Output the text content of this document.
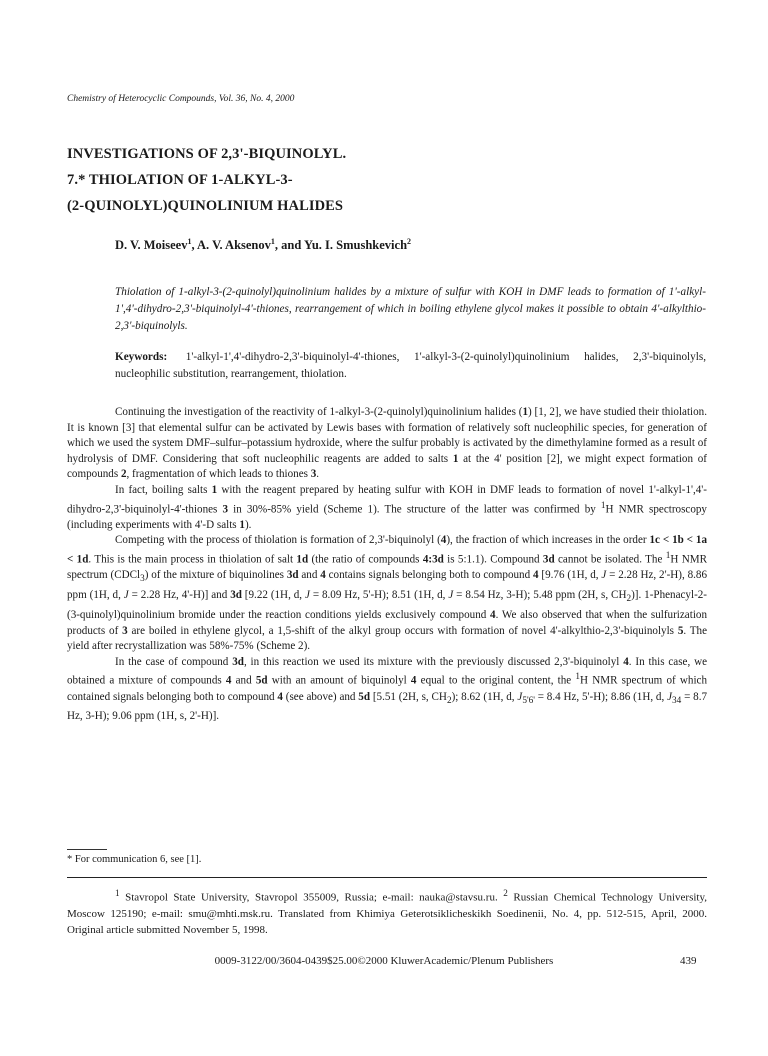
Chemistry of Heterocyclic Compounds, Vol. 36, No. 4, 2000
INVESTIGATIONS OF 2,3'-BIQUINOLYL.
7.* THIOLATION OF 1-ALKYL-3-
(2-QUINOLYL)QUINOLINIUM HALIDES
D. V. Moiseev$^1$, A. V. Aksenov$^1$, and Yu. I. Smushkevich$^2$
Thiolation of 1-alkyl-3-(2-quinolyl)quinolinium halides by a mixture of sulfur with KOH in DMF leads to formation of 1'-alkyl-1',4'-dihydro-2,3'-biquinolyl-4'-thiones, rearrangement of which in boiling ethylene glycol makes it possible to obtain 4'-alkylthio-2,3'-biquinolyls.
Keywords: 1'-alkyl-1',4'-dihydro-2,3'-biquinolyl-4'-thiones, 1'-alkyl-3-(2-quinolyl)quinolinium halides, 2,3'-biquinolyls, nucleophilic substitution, rearrangement, thiolation.

Continuing the investigation of the reactivity of 1-alkyl-3-(2-quinolyl)quinolinium halides (1) [1, 2], we have studied their thiolation. It is known [3] that elemental sulfur can be activated by Lewis bases with formation of relatively soft nucleophilic species, for generation of which we used the system DMF–sulfur–potassium hydroxide, where the sulfur probably is activated by the dimethylamine formed as a result of hydrolysis of DMF. Considering that soft nucleophilic reagents are added to salts 1 at the 4' position [2], we might expect formation of compounds 2, fragmentation of which leads to thiones 3.

In fact, boiling salts 1 with the reagent prepared by heating sulfur with KOH in DMF leads to formation of novel 1'-alkyl-1',4'-dihydro-2,3'-biquinolyl-4'-thiones 3 in 30%-85% yield (Scheme 1). The structure of the latter was confirmed by $^1$H NMR spectroscopy (including experiments with 4'-D salts 1).

Competing with the process of thiolation is formation of 2,3'-biquinolyl (4), the fraction of which increases in the order 1c < 1b < 1a < 1d. This is the main process in thiolation of salt 1d (the ratio of compounds 4:3d is 5:1.1). Compound 3d cannot be isolated. The $^1$H NMR spectrum (CDCl$_3$) of the mixture of biquinolines 3d and 4 contains signals belonging both to compound 4 [9.76 (1H, d, J = 2.28 Hz, 2'-H), 8.86 ppm (1H, d, J = 2.28 Hz, 4'-H)] and 3d [9.22 (1H, d, J = 8.09 Hz, 5'-H); 8.51 (1H, d, J = 8.54 Hz, 3-H); 5.48 ppm (2H, s, $CH_2$)]. 1-Phenacyl-2-(3-quinolyl)quinolinium bromide under the reaction conditions yields exclusively compound 4. We also observed that when the sulfurization products of 3 are boiled in ethylene glycol, a 1,5-shift of the alkyl group occurs with formation of novel 4'-alkylthio-2,3'-biquinolyls 5. The yield after recrystallization was 58%-75% (Scheme 2).

In the case of compound 3d, in this reaction we used its mixture with the previously discussed 2,3'-biquinolyl 4. In this case, we obtained a mixture of compounds 4 and 5d with an amount of biquinolyl 4 equal to the original content, the $^1$H NMR spectrum of which contained signals belonging both to compound 4 (see above) and 5d [5.51 (2H, s, $CH_2$); 8.62 (1H, d, $J_{5'6'} = 8.4$ Hz, 5'-H); 8.86 (1H, d, $J_{34} = 8.7$ Hz, 3-H); 9.06 ppm (1H, s, 2'-H)].

* For communication 6, see [1].

$^1$ Stavropol State University, Stavropol 355009, Russia; e-mail: nauka@stavsu.ru. $^2$ Russian Chemical Technology University, Moscow 125190; e-mail: smu@mhti.msk.ru. Translated from Khimiya Geterotsiklicheskikh Soedinenii, No. 4, pp. 512-515, April, 2000. Original article submitted November 5, 1998.

0009-3122/00/3604-0439$25.00©2000 KluwerAcademic/Plenum Publishers	439
